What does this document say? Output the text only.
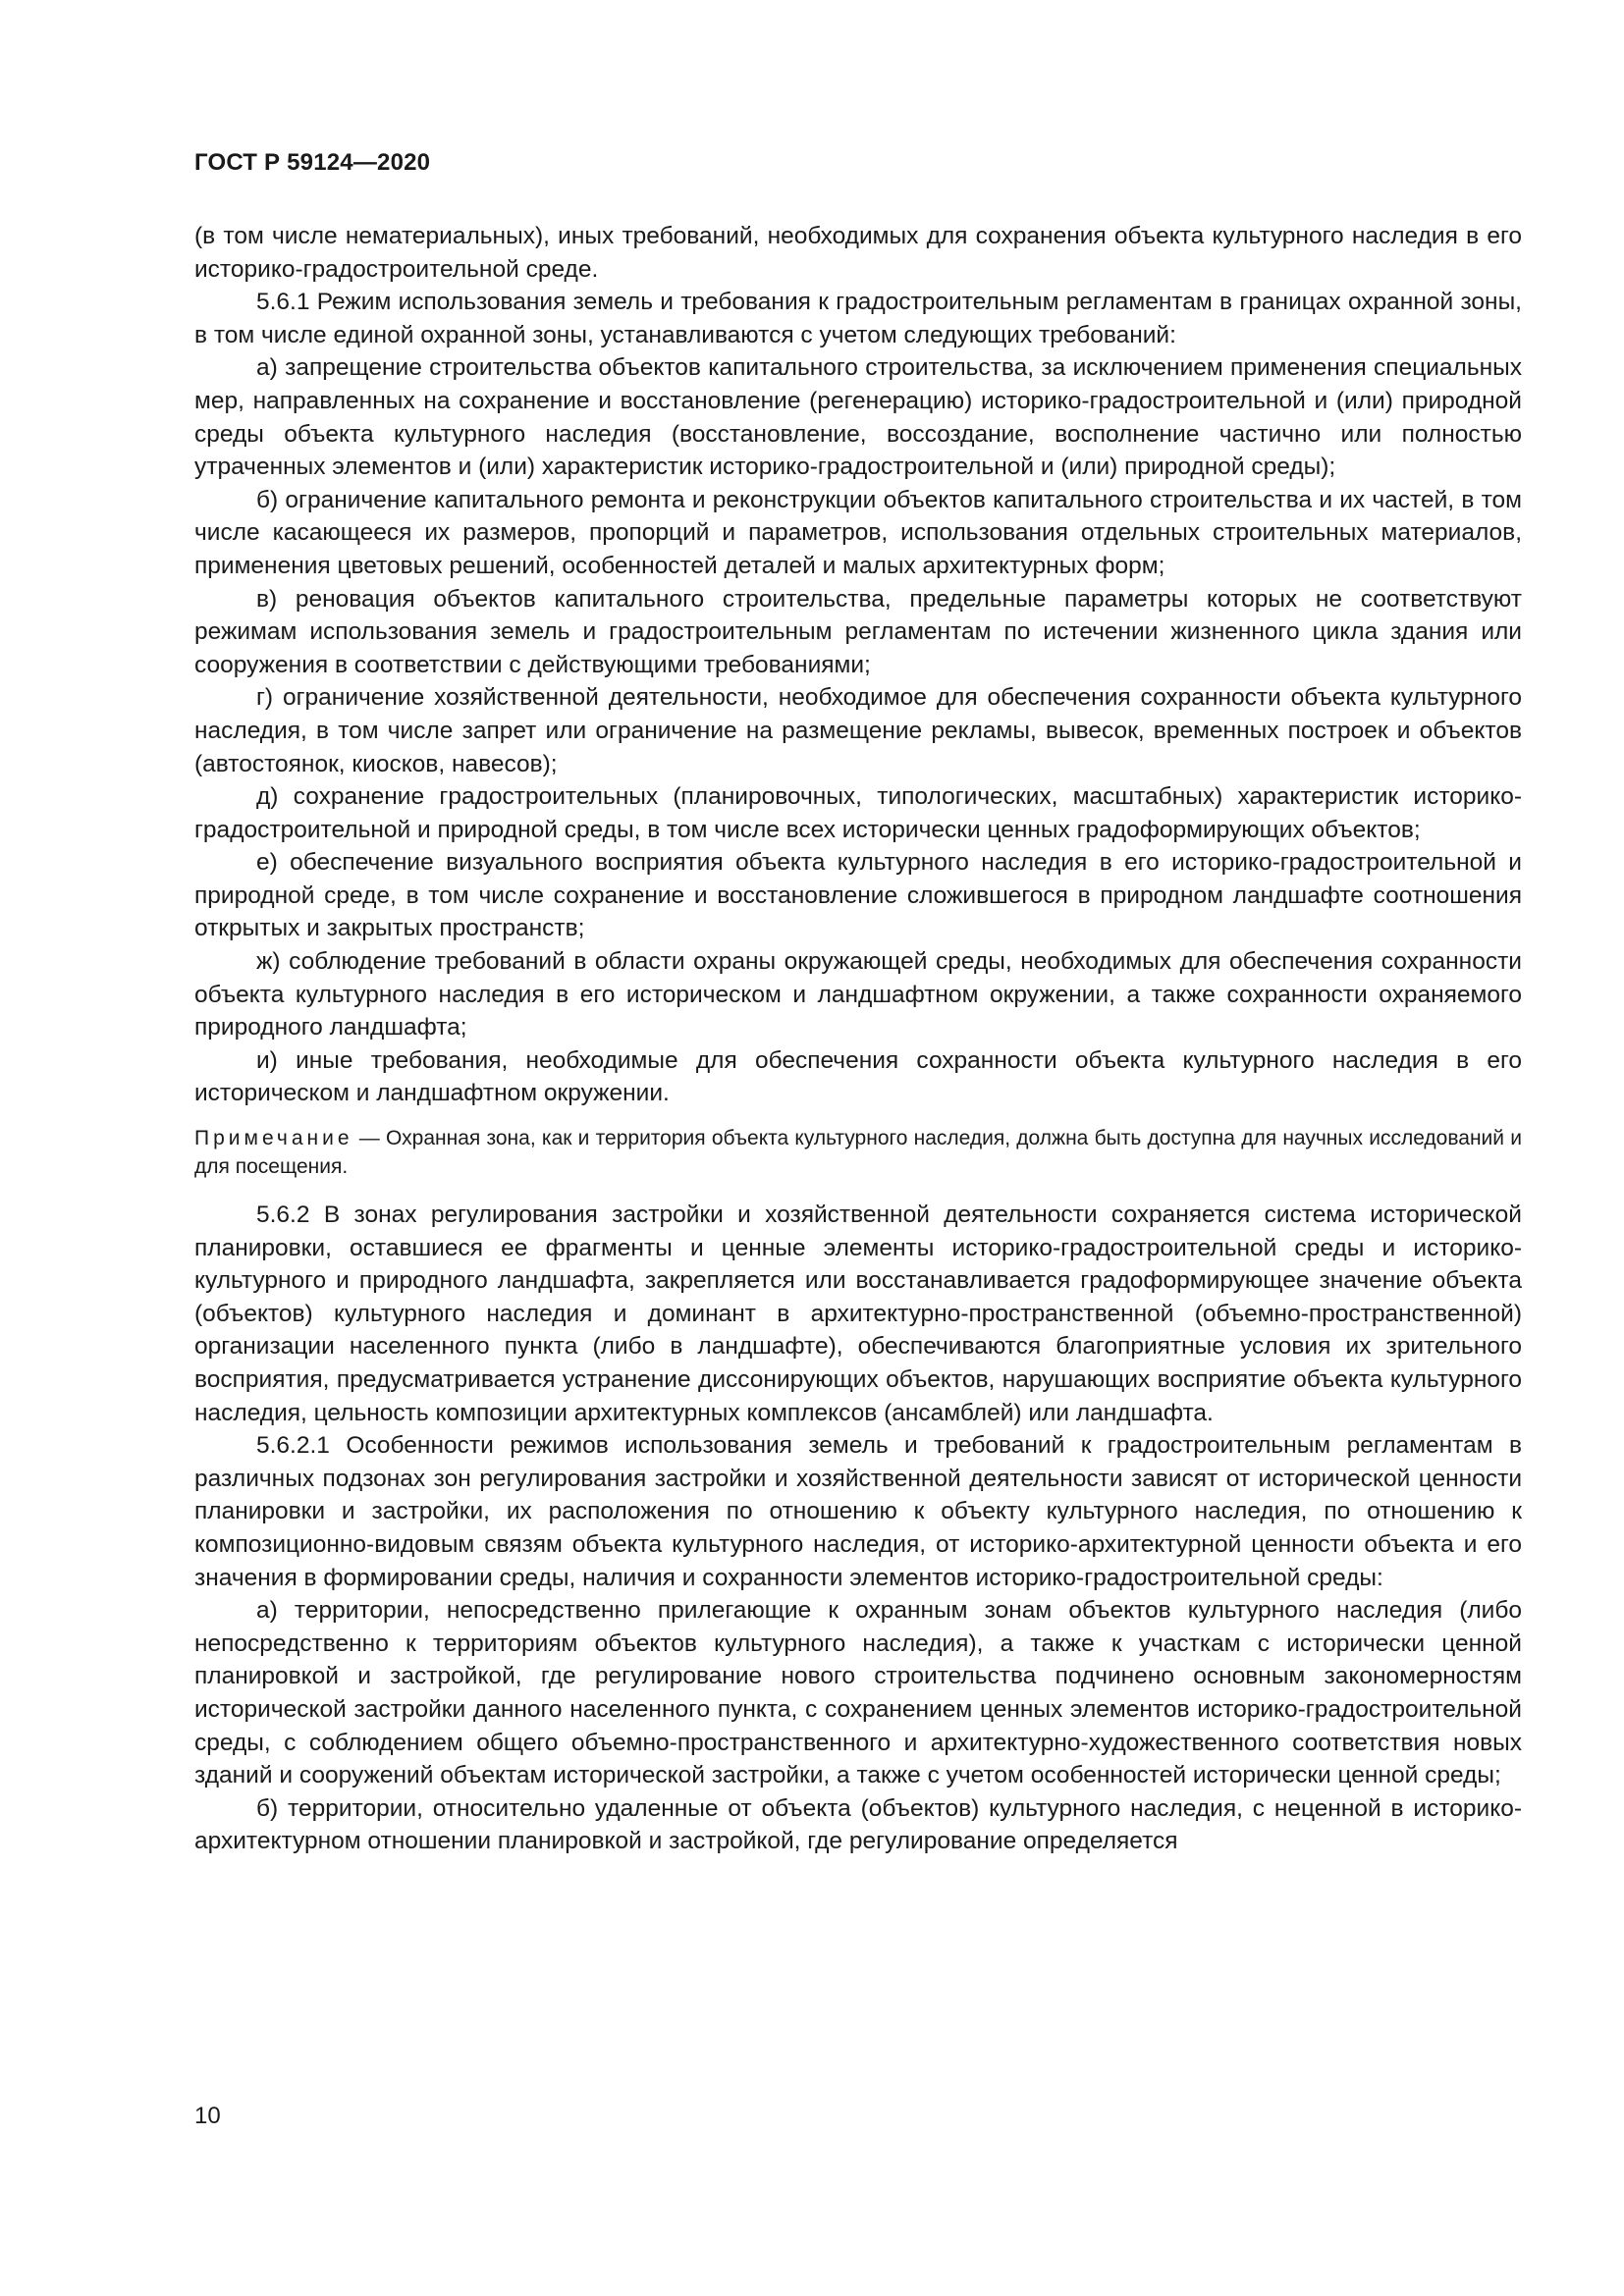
ГОСТ Р 59124—2020

(в том числе нематериальных), иных требований, необходимых для сохранения объекта культурного наследия в его историко-градостроительной среде.

5.6.1 Режим использования земель и требования к градостроительным регламентам в границах охранной зоны, в том числе единой охранной зоны, устанавливаются с учетом следующих требований:

а) запрещение строительства объектов капитального строительства, за исключением применения специальных мер, направленных на сохранение и восстановление (регенерацию) историко-градостроительной и (или) природной среды объекта культурного наследия (восстановление, воссоздание, восполнение частично или полностью утраченных элементов и (или) характеристик историко-градостроительной и (или) природной среды);

б) ограничение капитального ремонта и реконструкции объектов капитального строительства и их частей, в том числе касающееся их размеров, пропорций и параметров, использования отдельных строительных материалов, применения цветовых решений, особенностей деталей и малых архитектурных форм;

в) реновация объектов капитального строительства, предельные параметры которых не соответствуют режимам использования земель и градостроительным регламентам по истечении жизненного цикла здания или сооружения в соответствии с действующими требованиями;

г) ограничение хозяйственной деятельности, необходимое для обеспечения сохранности объекта культурного наследия, в том числе запрет или ограничение на размещение рекламы, вывесок, временных построек и объектов (автостоянок, киосков, навесов);

д) сохранение градостроительных (планировочных, типологических, масштабных) характеристик историко-градостроительной и природной среды, в том числе всех исторически ценных градоформирующих объектов;

е) обеспечение визуального восприятия объекта культурного наследия в его историко-градостроительной и природной среде, в том числе сохранение и восстановление сложившегося в природном ландшафте соотношения открытых и закрытых пространств;

ж) соблюдение требований в области охраны окружающей среды, необходимых для обеспечения сохранности объекта культурного наследия в его историческом и ландшафтном окружении, а также сохранности охраняемого природного ландшафта;

и) иные требования, необходимые для обеспечения сохранности объекта культурного наследия в его историческом и ландшафтном окружении.

Примечание — Охранная зона, как и территория объекта культурного наследия, должна быть доступна для научных исследований и для посещения.

5.6.2 В зонах регулирования застройки и хозяйственной деятельности сохраняется система исторической планировки, оставшиеся ее фрагменты и ценные элементы историко-градостроительной среды и историко-культурного и природного ландшафта, закрепляется или восстанавливается градоформирующее значение объекта (объектов) культурного наследия и доминант в архитектурно-пространственной (объемно-пространственной) организации населенного пункта (либо в ландшафте), обеспечиваются благоприятные условия их зрительного восприятия, предусматривается устранение диссонирующих объектов, нарушающих восприятие объекта культурного наследия, цельность композиции архитектурных комплексов (ансамблей) или ландшафта.

5.6.2.1 Особенности режимов использования земель и требований к градостроительным регламентам в различных подзонах зон регулирования застройки и хозяйственной деятельности зависят от исторической ценности планировки и застройки, их расположения по отношению к объекту культурного наследия, по отношению к композиционно-видовым связям объекта культурного наследия, от историко-архитектурной ценности объекта и его значения в формировании среды, наличия и сохранности элементов историко-градостроительной среды:

а) территории, непосредственно прилегающие к охранным зонам объектов культурного наследия (либо непосредственно к территориям объектов культурного наследия), а также к участкам с исторически ценной планировкой и застройкой, где регулирование нового строительства подчинено основным закономерностям исторической застройки данного населенного пункта, с сохранением ценных элементов историко-градостроительной среды, с соблюдением общего объемно-пространственного и архитектурно-художественного соответствия новых зданий и сооружений объектам исторической застройки, а также с учетом особенностей исторически ценной среды;

б) территории, относительно удаленные от объекта (объектов) культурного наследия, с неценной в историко-архитектурном отношении планировкой и застройкой, где регулирование определяется

10
